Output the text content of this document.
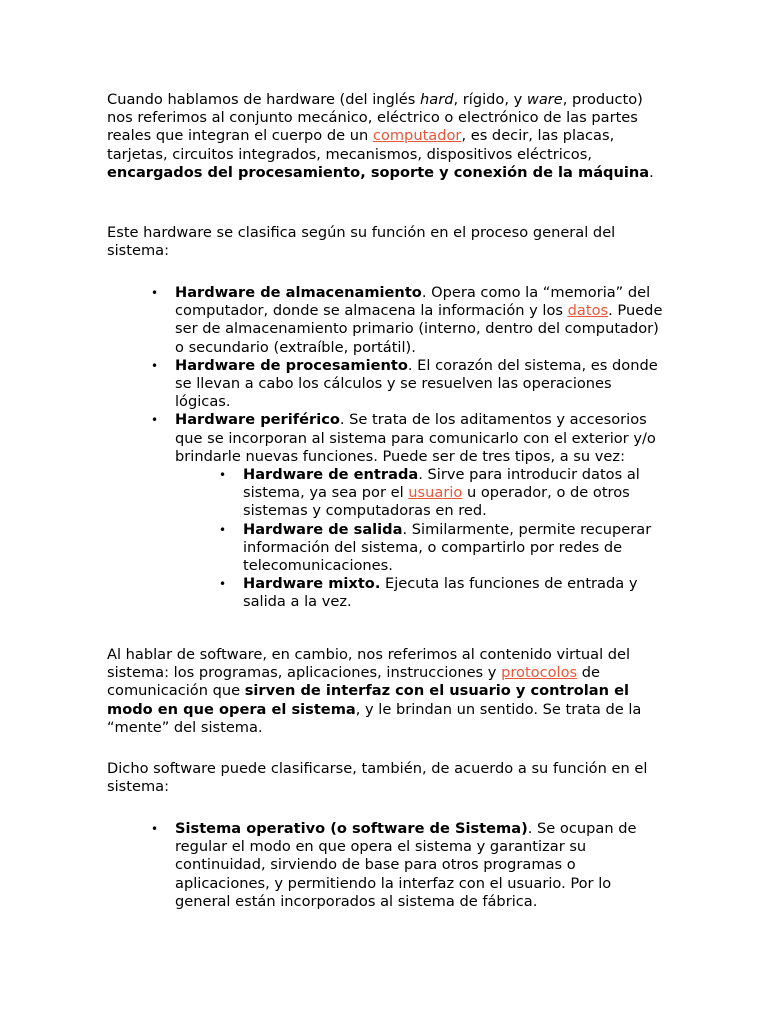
Cuando hablamos de hardware (del inglés hard, rígido, y ware, producto) nos referimos al conjunto mecánico, eléctrico o electrónico de las partes reales que integran el cuerpo de un computador, es decir, las placas, tarjetas, circuitos integrados, mecanismos, dispositivos eléctricos, encargados del procesamiento, soporte y conexión de la máquina.

Este hardware se clasifica según su función en el proceso general del sistema:

• Hardware de almacenamiento. Opera como la “memoria” del computador, donde se almacena la información y los datos. Puede ser de almacenamiento primario (interno, dentro del computador) o secundario (extraíble, portátil).
• Hardware de procesamiento. El corazón del sistema, es donde se llevan a cabo los cálculos y se resuelven las operaciones lógicas.
• Hardware periférico. Se trata de los aditamentos y accesorios que se incorporan al sistema para comunicarlo con el exterior y/o brindarle nuevas funciones. Puede ser de tres tipos, a su vez:
• Hardware de entrada. Sirve para introducir datos al sistema, ya sea por el usuario u operador, o de otros sistemas y computadoras en red.
• Hardware de salida. Similarmente, permite recuperar información del sistema, o compartirlo por redes de telecomunicaciones.
• Hardware mixto. Ejecuta las funciones de entrada y salida a la vez.

Al hablar de software, en cambio, nos referimos al contenido virtual del sistema: los programas, aplicaciones, instrucciones y protocolos de comunicación que sirven de interfaz con el usuario y controlan el modo en que opera el sistema, y le brindan un sentido. Se trata de la “mente” del sistema.

Dicho software puede clasificarse, también, de acuerdo a su función en el sistema:

• Sistema operativo (o software de Sistema). Se ocupan de regular el modo en que opera el sistema y garantizar su continuidad, sirviendo de base para otros programas o aplicaciones, y permitiendo la interfaz con el usuario. Por lo general están incorporados al sistema de fábrica.
